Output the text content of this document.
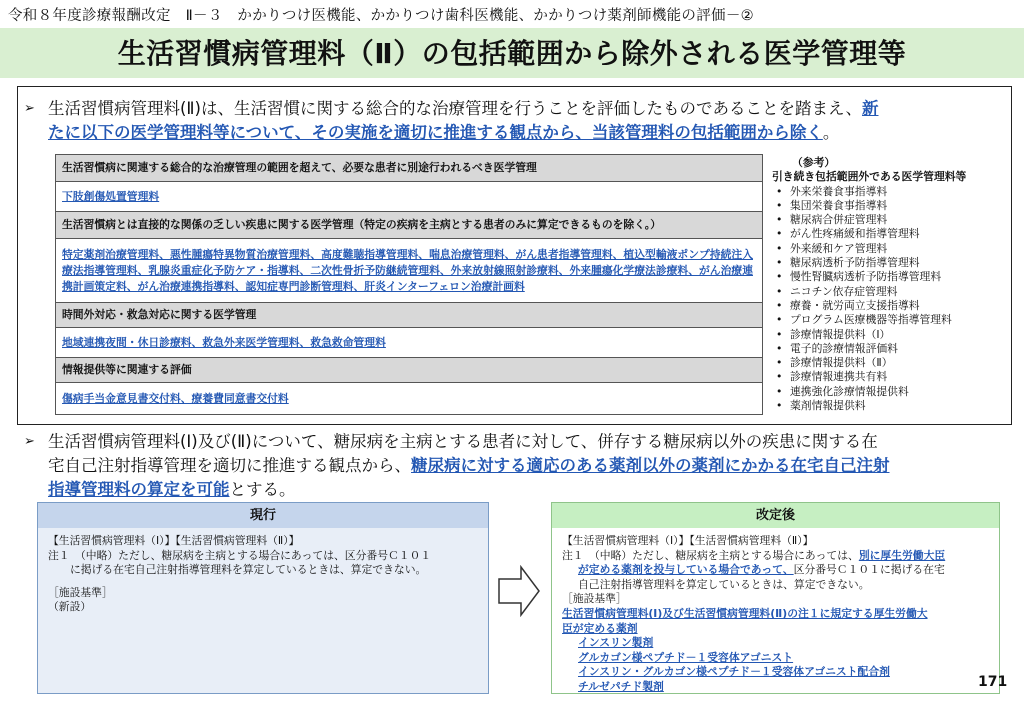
令和８年度診療報酬改定　Ⅱ－３　かかりつけ医機能、かかりつけ歯科医機能、かかりつけ薬剤師機能の評価－②
生活習慣病管理料（Ⅱ）の包括範囲から除外される医学管理等
➢ 生活習慣病管理料(Ⅱ)は、生活習慣に関する総合的な治療管理を行うことを評価したものであることを踏まえ、新
たに以下の医学管理料等について、その実施を適切に推進する観点から、当該管理料の包括範囲から除く。
生活習慣病に関連する総合的な治療管理の範囲を超えて、必要な患者に別途行われるべき医学管理
下肢創傷処置管理料
生活習慣病とは直接的な関係の乏しい疾患に関する医学管理（特定の疾病を主病とする患者のみに算定できるものを除く。）
特定薬剤治療管理料、悪性腫瘍特異物質治療管理料、高度難聴指導管理料、喘息治療管理料、がん患者指導管理料、植込型輸液ポンプ持続注入療法指導管理料、乳腺炎重症化予防ケア・指導料、二次性骨折予防継続管理料、外来放射線照射診療料、外来腫瘍化学療法診療料、がん治療連携計画策定料、がん治療連携指導料、認知症専門診断管理料、肝炎インターフェロン治療計画料
時間外対応・救急対応に関する医学管理
地域連携夜間・休日診療料、救急外来医学管理料、救急救命管理料
情報提供等に関連する評価
傷病手当金意見書交付料、療養費同意書交付料
（参考）
引き続き包括範囲外である医学管理料等
• 外来栄養食事指導料
• 集団栄養食事指導料
• 糖尿病合併症管理料
• がん性疼痛緩和指導管理料
• 外来緩和ケア管理料
• 糖尿病透析予防指導管理料
• 慢性腎臓病透析予防指導管理料
• ニコチン依存症管理料
• 療養・就労両立支援指導料
• プログラム医療機器等指導管理料
• 診療情報提供料（Ⅰ）
• 電子的診療情報評価料
• 診療情報提供料（Ⅱ）
• 診療情報連携共有料
• 連携強化診療情報提供料
• 薬剤情報提供料
➢ 生活習慣病管理料(Ⅰ)及び(Ⅱ)について、糖尿病を主病とする患者に対して、併存する糖尿病以外の疾患に関する在
宅自己注射指導管理を適切に推進する観点から、糖尿病に対する適応のある薬剤以外の薬剤にかかる在宅自己注射
指導管理料の算定を可能とする。
現行
【生活習慣病管理料（Ⅰ）】【生活習慣病管理料（Ⅱ）】
注１　（中略）ただし、糖尿病を主病とする場合にあっては、区分番号Ｃ１０１
に掲げる在宅自己注射指導管理料を算定しているときは、算定できない。
［施設基準］
（新設）
改定後
【生活習慣病管理料（Ⅰ）】【生活習慣病管理料（Ⅱ）】
注１　（中略）ただし、糖尿病を主病とする場合にあっては、別に厚生労働大臣
が定める薬剤を投与している場合であって、区分番号Ｃ１０１に掲げる在宅
自己注射指導管理料を算定しているときは、算定できない。
［施設基準］
生活習慣病管理料(Ⅰ)及び生活習慣病管理料(Ⅱ)の注１に規定する厚生労働大
臣が定める薬剤
インスリン製剤
グルカゴン様ペプチド－１受容体アゴニスト
インスリン・グルカゴン様ペプチド－１受容体アゴニスト配合剤
チルゼパチド製剤	171
